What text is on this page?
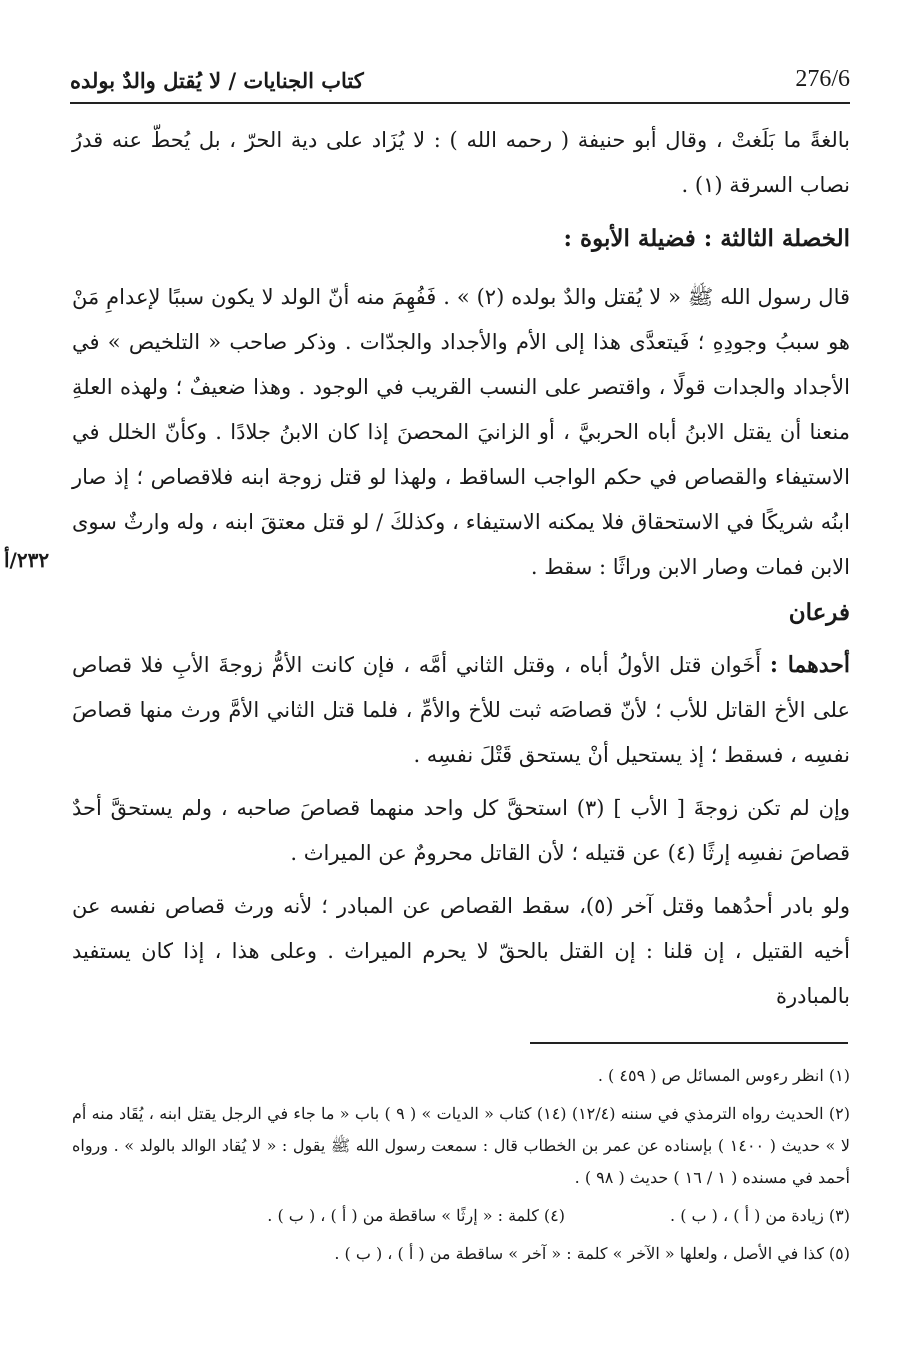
276/6
كتاب الجنايات / لا يُقتل والدٌ بولده

بالغةً ما بَلَغتْ ، وقال أبو حنيفة ( رحمه الله ) : لا يُزَاد على دية الحرّ ، بل يُحطّ عنه قدرُ نصاب السرقة (١) .

الخصلة الثالثة : فضيلة الأبوة :

قال رسول الله ﷺ « لا يُقتل والدٌ بولده (٢) » . فَفُهِمَ منه أنّ الولد لا يكون سببًا لإعدامِ مَنْ هو سببُ وجودِهِ ؛ فَيتعدَّى هذا إلى الأم والأجداد والجدّات . وذكر صاحب « التلخيص » في الأجداد والجدات قولًا ، واقتصر على النسب القريب في الوجود . وهذا ضعيفٌ ؛ ولهذه العلةِ منعنا أن يقتل الابنُ أباه الحربيَّ ، أو الزانيَ المحصنَ إذا كان الابنُ جلادًا . وكأنّ الخلل في الاستيفاء والقصاص في حكم الواجب الساقط ، ولهذا لو قتل زوجة ابنه فلاقصاص ؛ إذ صار ابنُه شريكًا في الاستحقاق فلا يمكنه الاستيفاء ، وكذلكَ / لو قتل معتقَ ابنه ، وله وارثٌ سوى الابن فمات وصار الابن وراثًا : سقط .

فرعان

أحدهما : أَخَوان قتل الأولُ أباه ، وقتل الثاني أمَّه ، فإن كانت الأمُّ زوجةَ الأبِ فلا قصاص على الأخ القاتل للأب ؛ لأنّ قصاصَه ثبت للأخ والأمِّ ، فلما قتل الثاني الأمَّ ورث منها قصاصَ نفسِه ، فسقط ؛ إذ يستحيل أنْ يستحق قَتْلَ نفسِه .

وإن لم تكن زوجةَ [ الأب ] (٣) استحقَّ كل واحد منهما قصاصَ صاحبه ، ولم يستحقَّ أحدٌ قصاصَ نفسِه إرثًا (٤) عن قتيله ؛ لأن القاتل محرومٌ عن الميراث .

ولو بادر أحدُهما وقتل آخر (٥)، سقط القصاص عن المبادر ؛ لأنه ورث قصاص نفسه عن أخيه القتيل ، إن قلنا : إن القتل بالحقّ لا يحرم الميراث . وعلى هذا ، إذا كان يستفيد بالمبادرة

٢٣٢/أ

(١) انظر رءوس المسائل ص ( ٤٥٩ ) .

(٢) الحديث رواه الترمذي في سننه (١٢/٤) (١٤) كتاب « الديات » ( ٩ ) باب « ما جاء في الرجل يقتل ابنه ، يُقَاد منه أم لا » حديث ( ١٤٠٠ ) بإسناده عن عمر بن الخطاب قال : سمعت رسول الله ﷺ يقول : « لا يُقاد الوالد بالولد » . ورواه أحمد في مسنده ( ١ / ١٦ ) حديث ( ٩٨ ) .

(٣) زيادة من ( أ ) ، ( ب ) .
(٤) كلمة : « إرثًا » ساقطة من ( أ ) ، ( ب ) .

(٥) كذا في الأصل ، ولعلها « الآخر » كلمة : « آخر » ساقطة من ( أ ) ، ( ب ) .
